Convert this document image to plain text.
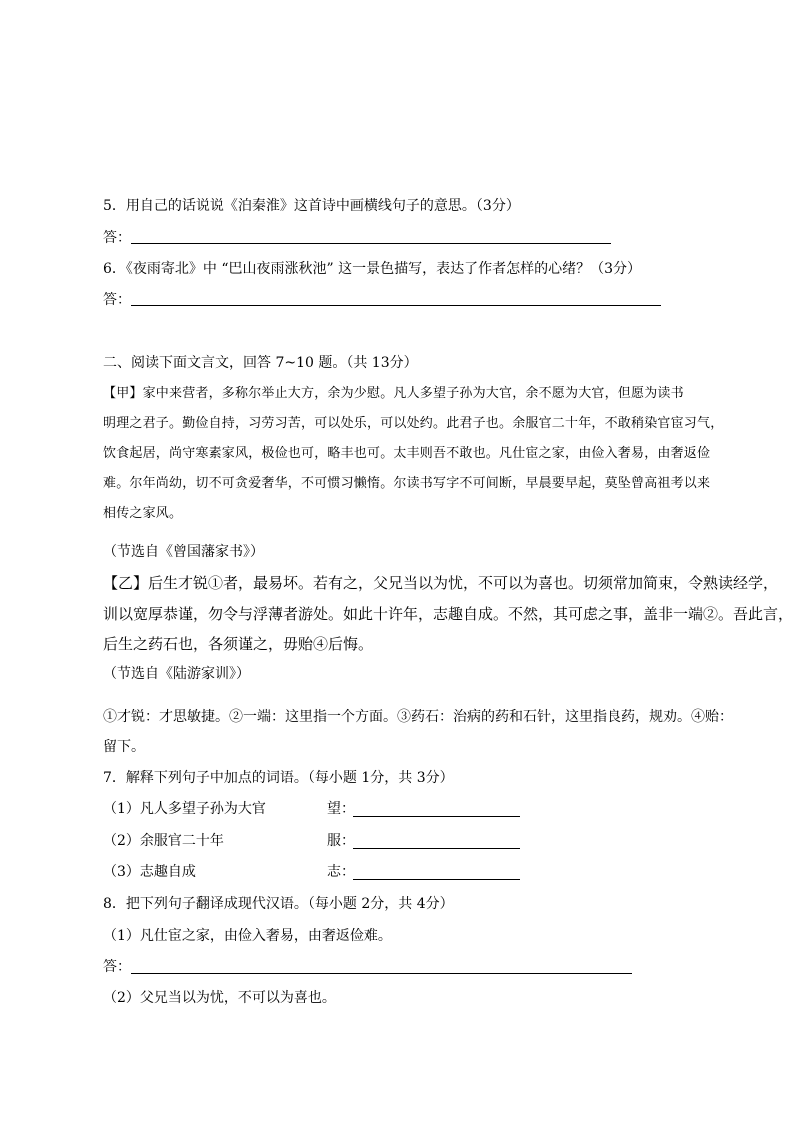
5．用自己的话说说《泊秦淮》这首诗中画横线句子的意思。（3分）
答：
6．《夜雨寄北》中 “巴山夜雨涨秋池” 这一景色描写，表达了作者怎样的心绪？（3分）
答：
二、阅读下面文言文，回答 7~10 题。（共 13分）
【甲】家中来营者，多称尔举止大方，余为少慰。凡人多望子孙为大官，余不愿为大官，但愿为读书
明理之君子。勤俭自持，习劳习苦，可以处乐，可以处约。此君子也。余服官二十年，不敢稍染官宦习气，
饮食起居，尚守寒素家风，极俭也可，略丰也可。太丰则吾不敢也。凡仕宦之家，由俭入奢易，由奢返俭
难。尔年尚幼，切不可贪爱奢华，不可惯习懒惰。尔读书写字不可间断，早晨要早起，莫坠曾高祖考以来
相传之家风。
（节选自《曾国藩家书》）
【乙】后生才锐①者，最易坏。若有之，父兄当以为忧，不可以为喜也。切须常加简束，令熟读经学，
训以宽厚恭谨，勿令与浮薄者游处。如此十许年，志趣自成。不然，其可虑之事，盖非一端②。吾此言，
后生之药石也，各须谨之，毋贻④后悔。
（节选自《陆游家训》）
①才锐：才思敏捷。②一端：这里指一个方面。③药石：治病的药和石针，这里指良药，规劝。④贻：
留下。
7．解释下列句子中加点的词语。（每小题 1分，共 3分）
（1）凡人多望子孙为大官	望：
（2）余服官二十年	服：
（3）志趣自成	志：
8．把下列句子翻译成现代汉语。（每小题 2分，共 4分）
（1）凡仕宦之家，由俭入奢易，由奢返俭难。
答：
（2）父兄当以为忧，不可以为喜也。
